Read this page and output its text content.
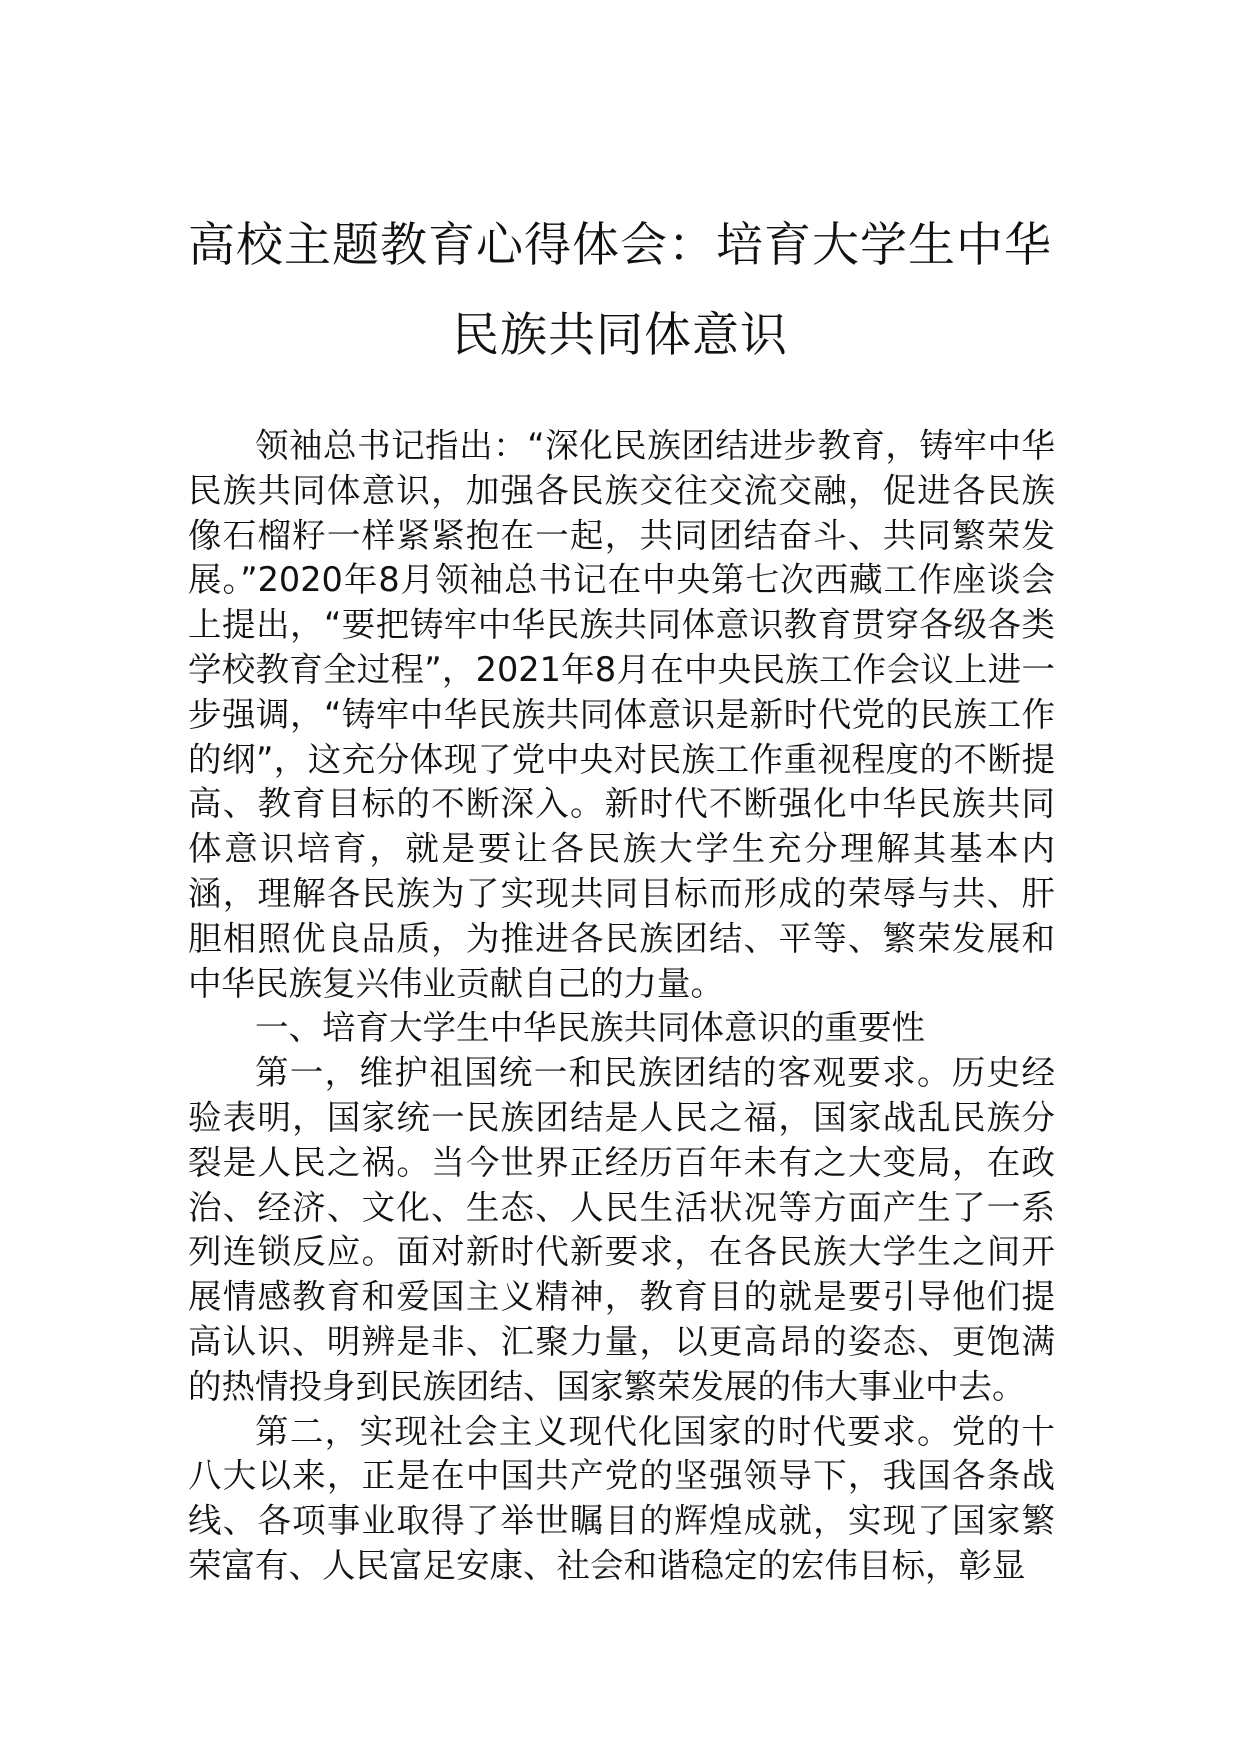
高校主题教育心得体会：培育大学生中华
民族共同体意识

领袖总书记指出：“深化民族团结进步教育，铸牢中华民族共同体意识，加强各民族交往交流交融，促进各民族像石榴籽一样紧紧抱在一起，共同团结奋斗、共同繁荣发展。”2020年8月领袖总书记在中央第七次西藏工作座谈会上提出，“要把铸牢中华民族共同体意识教育贯穿各级各类学校教育全过程”，2021年8月在中央民族工作会议上进一步强调，“铸牢中华民族共同体意识是新时代党的民族工作的纲”，这充分体现了党中央对民族工作重视程度的不断提高、教育目标的不断深入。新时代不断强化中华民族共同体意识培育，就是要让各民族大学生充分理解其基本内涵，理解各民族为了实现共同目标而形成的荣辱与共、肝胆相照优良品质，为推进各民族团结、平等、繁荣发展和中华民族复兴伟业贡献自己的力量。

一、培育大学生中华民族共同体意识的重要性

第一，维护祖国统一和民族团结的客观要求。历史经验表明，国家统一民族团结是人民之福，国家战乱民族分裂是人民之祸。当今世界正经历百年未有之大变局，在政治、经济、文化、生态、人民生活状况等方面产生了一系列连锁反应。面对新时代新要求，在各民族大学生之间开展情感教育和爱国主义精神，教育目的就是要引导他们提高认识、明辨是非、汇聚力量，以更高昂的姿态、更饱满的热情投身到民族团结、国家繁荣发展的伟大事业中去。

第二，实现社会主义现代化国家的时代要求。党的十八大以来，正是在中国共产党的坚强领导下，我国各条战线、各项事业取得了举世瞩目的辉煌成就，实现了国家繁荣富有、人民富足安康、社会和谐稳定的宏伟目标，彰显
